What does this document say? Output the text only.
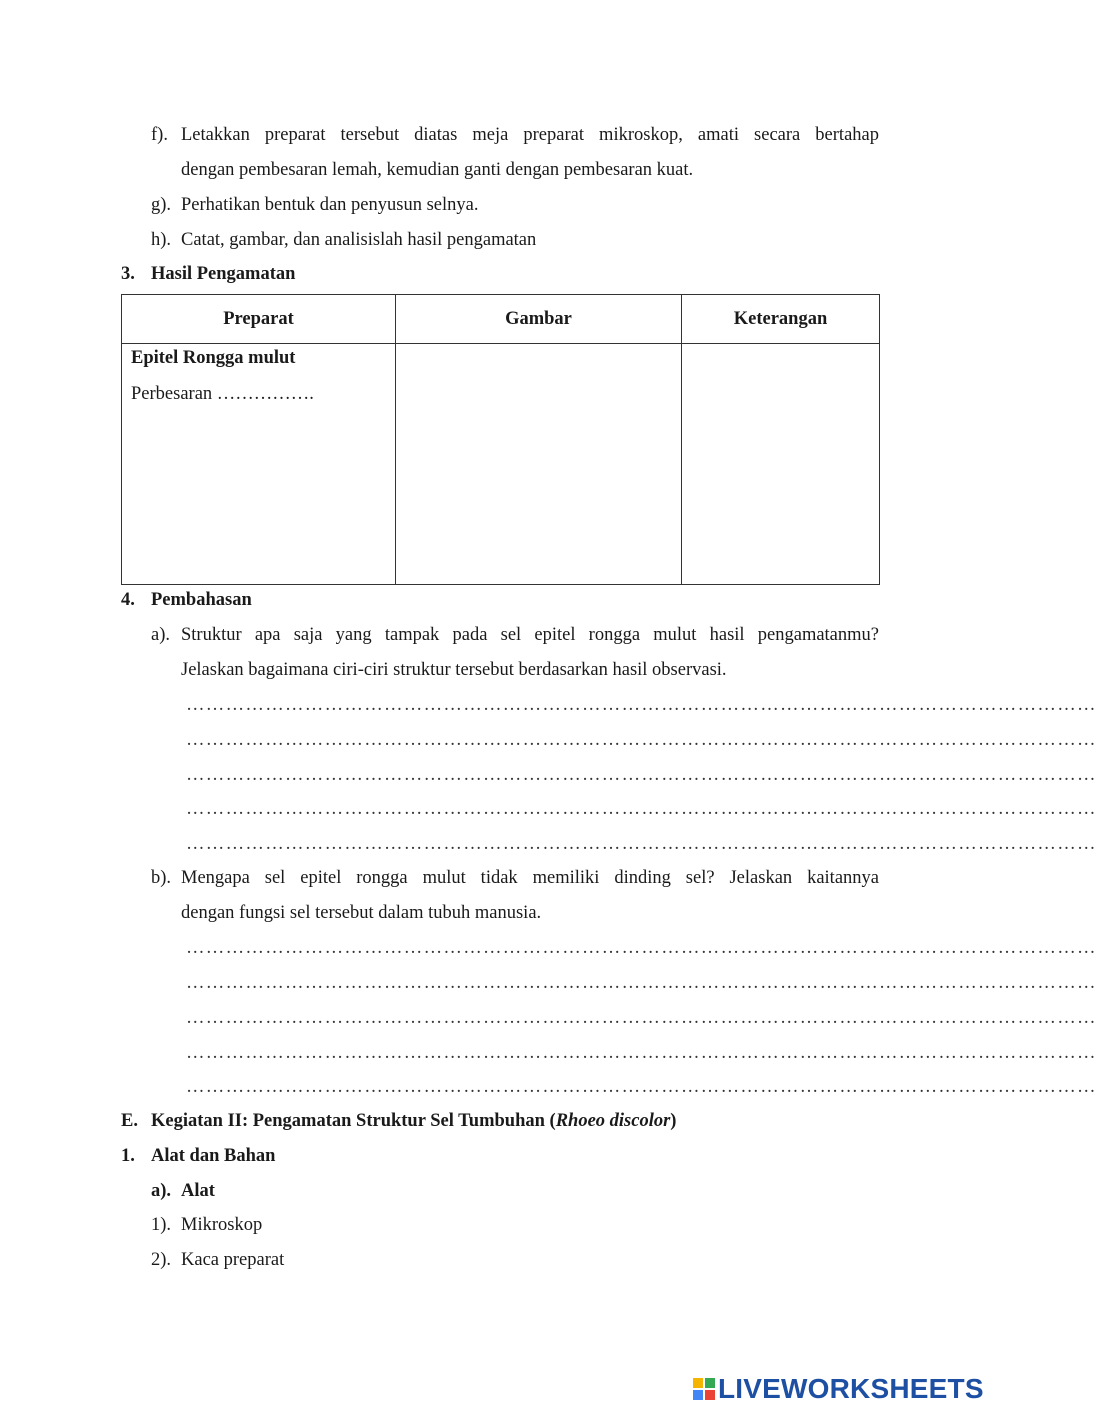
f). Letakkan preparat tersebut diatas meja preparat mikroskop, amati secara bertahap
dengan pembesaran lemah, kemudian ganti dengan pembesaran kuat.
g). Perhatikan bentuk dan penyusun selnya.
h). Catat, gambar, dan analisislah hasil pengamatan
3. Hasil Pengamatan
Preparat	Gambar	Keterangan

Epitel Rongga mulut
Perbesaran …………….		

4. Pembahasan
a). Struktur apa saja yang tampak pada sel epitel rongga mulut hasil pengamatanmu?
Jelaskan bagaimana ciri-ciri struktur tersebut berdasarkan hasil observasi.
…………………………………………………………………………………………………………………………
…………………………………………………………………………………………………………………………
…………………………………………………………………………………………………………………………
…………………………………………………………………………………………………………………………
…………………………………………………………………………………………………………………………
b). Mengapa sel epitel rongga mulut tidak memiliki dinding sel? Jelaskan kaitannya
dengan fungsi sel tersebut dalam tubuh manusia.
…………………………………………………………………………………………………………………………
…………………………………………………………………………………………………………………………
…………………………………………………………………………………………………………………………
…………………………………………………………………………………………………………………………
…………………………………………………………………………………………………………………………
E. Kegiatan II: Pengamatan Struktur Sel Tumbuhan (Rhoeo discolor)
1. Alat dan Bahan
a). Alat
1). Mikroskop
2). Kaca preparat
LIVEWORKSHEETS
